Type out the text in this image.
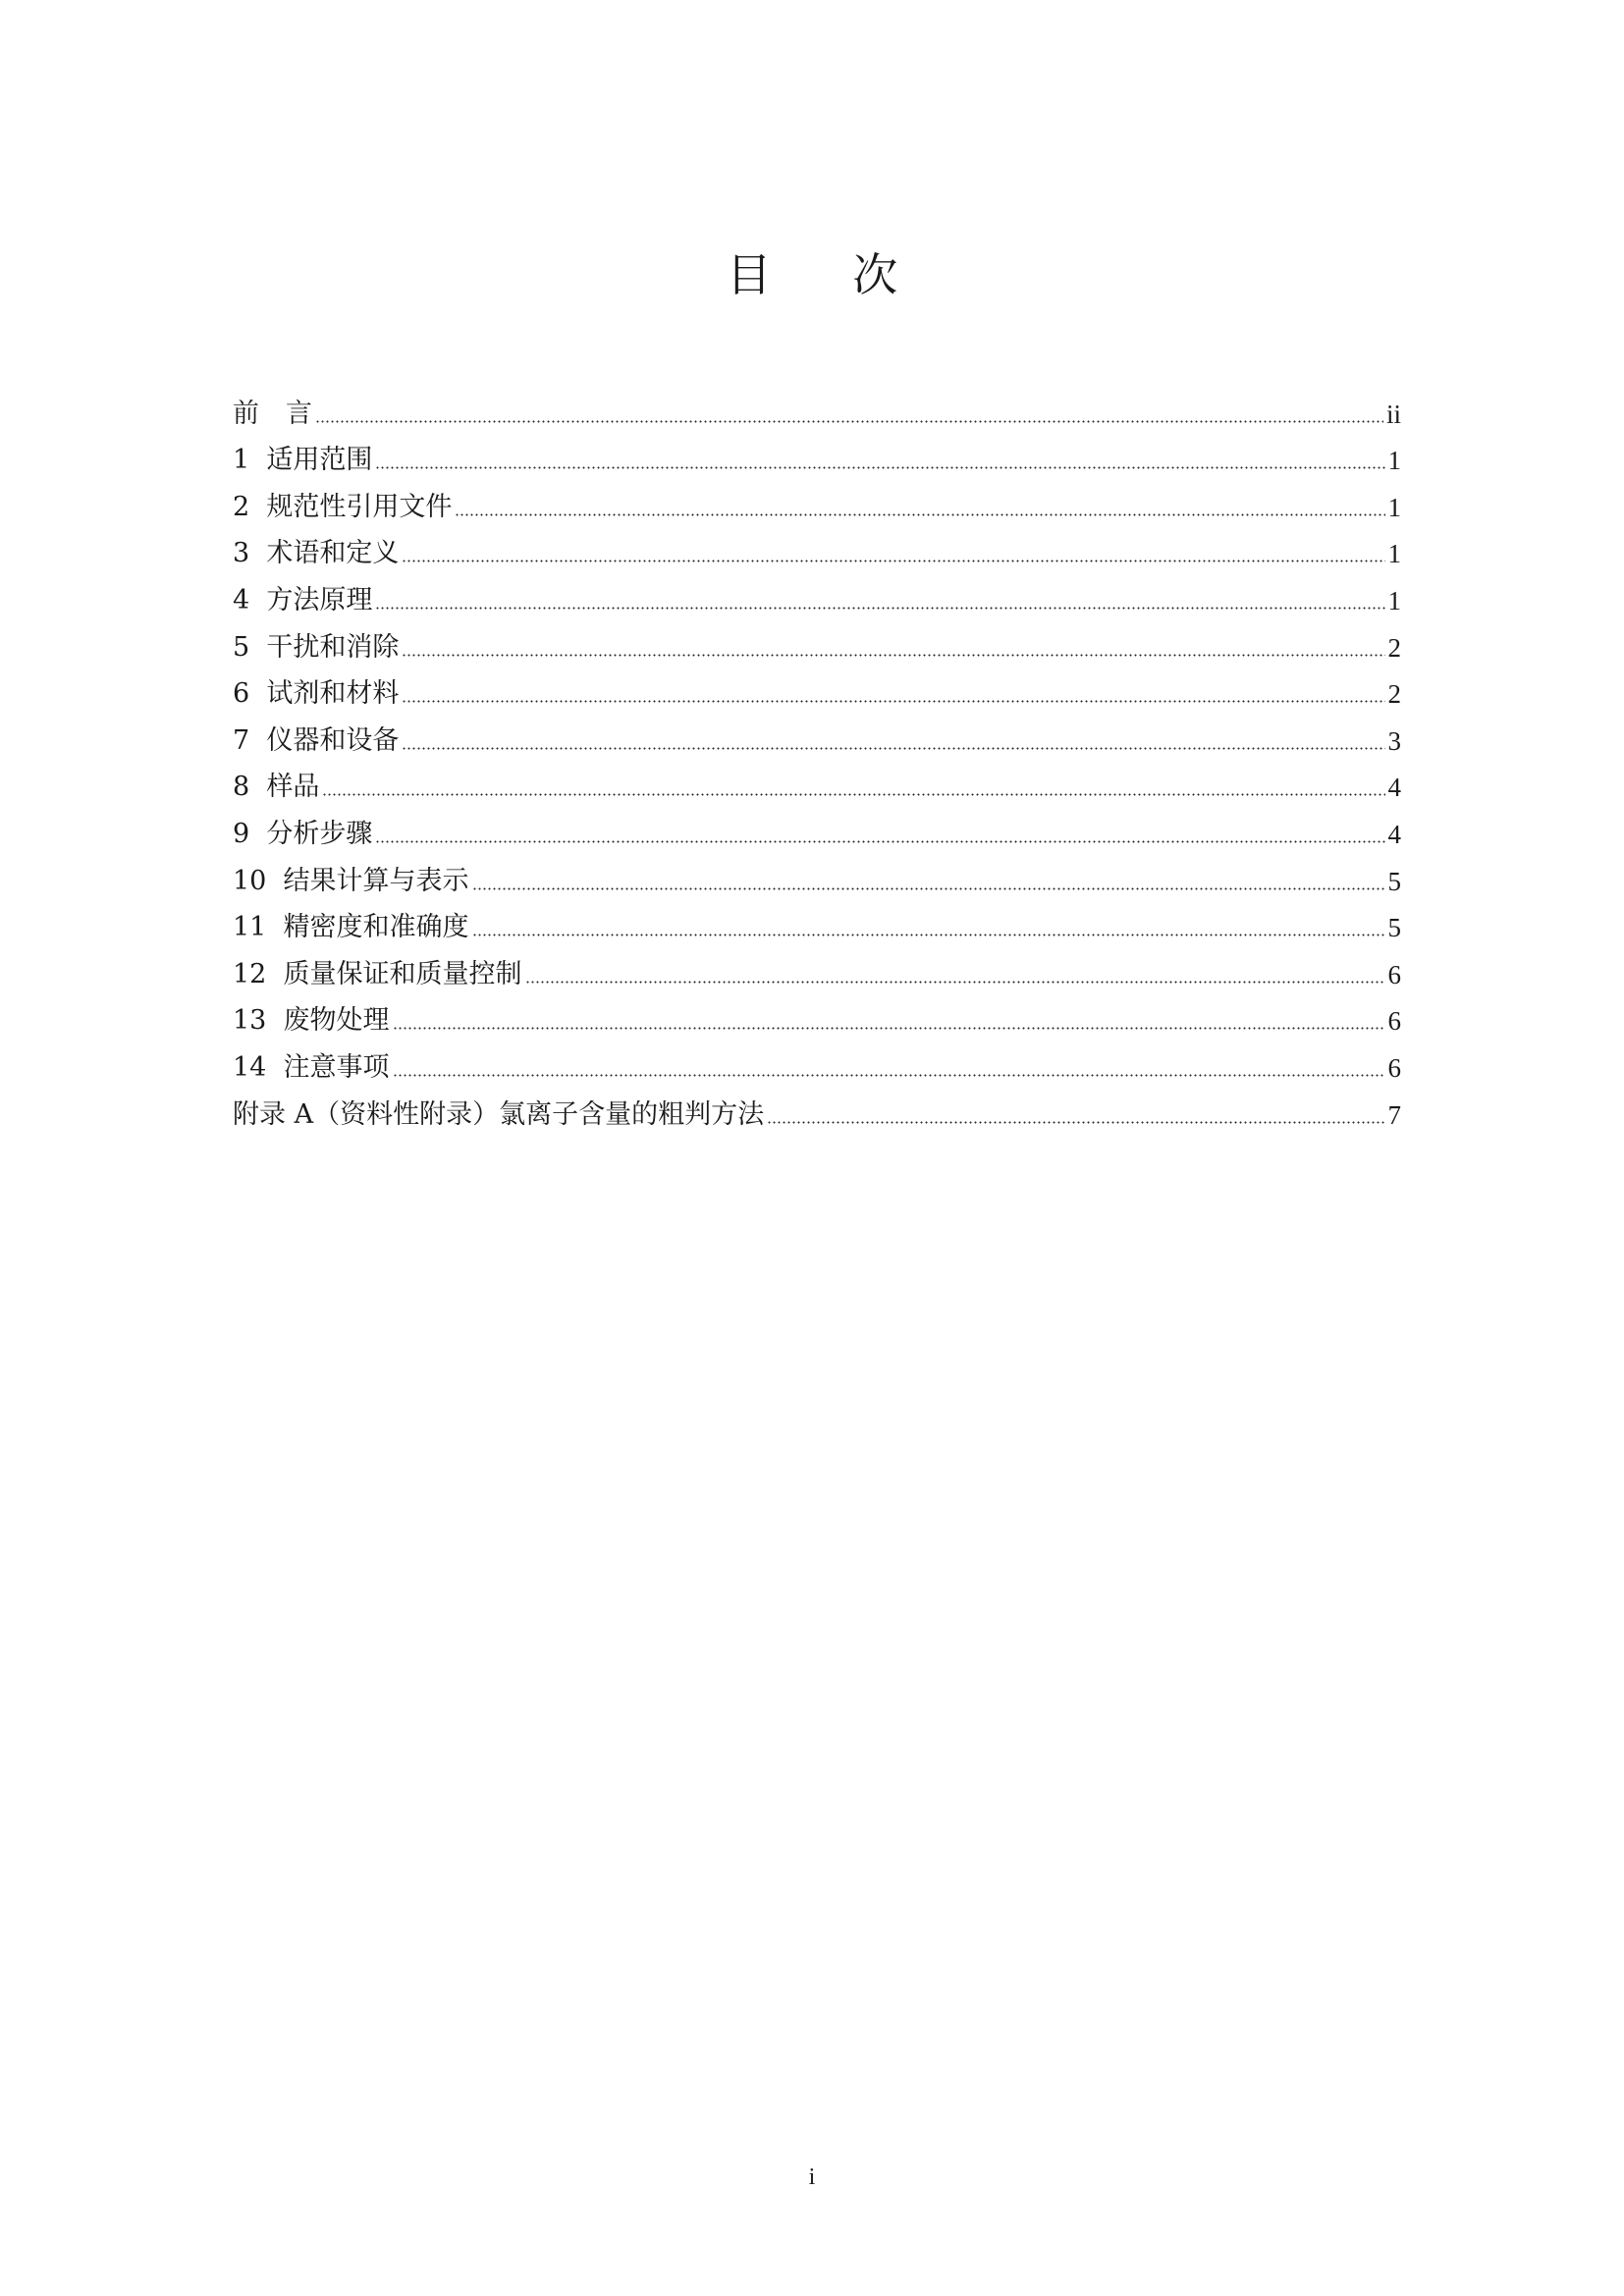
目 次
前　言	ii
1  适用范围	1
2  规范性引用文件	1
3  术语和定义	1
4  方法原理	1
5  干扰和消除	2
6  试剂和材料	2
7  仪器和设备	3
8  样品	4
9  分析步骤	4
10  结果计算与表示	5
11  精密度和准确度	5
12  质量保证和质量控制	6
13  废物处理	6
14  注意事项	6
附录 A（资料性附录）氯离子含量的粗判方法	7
i
